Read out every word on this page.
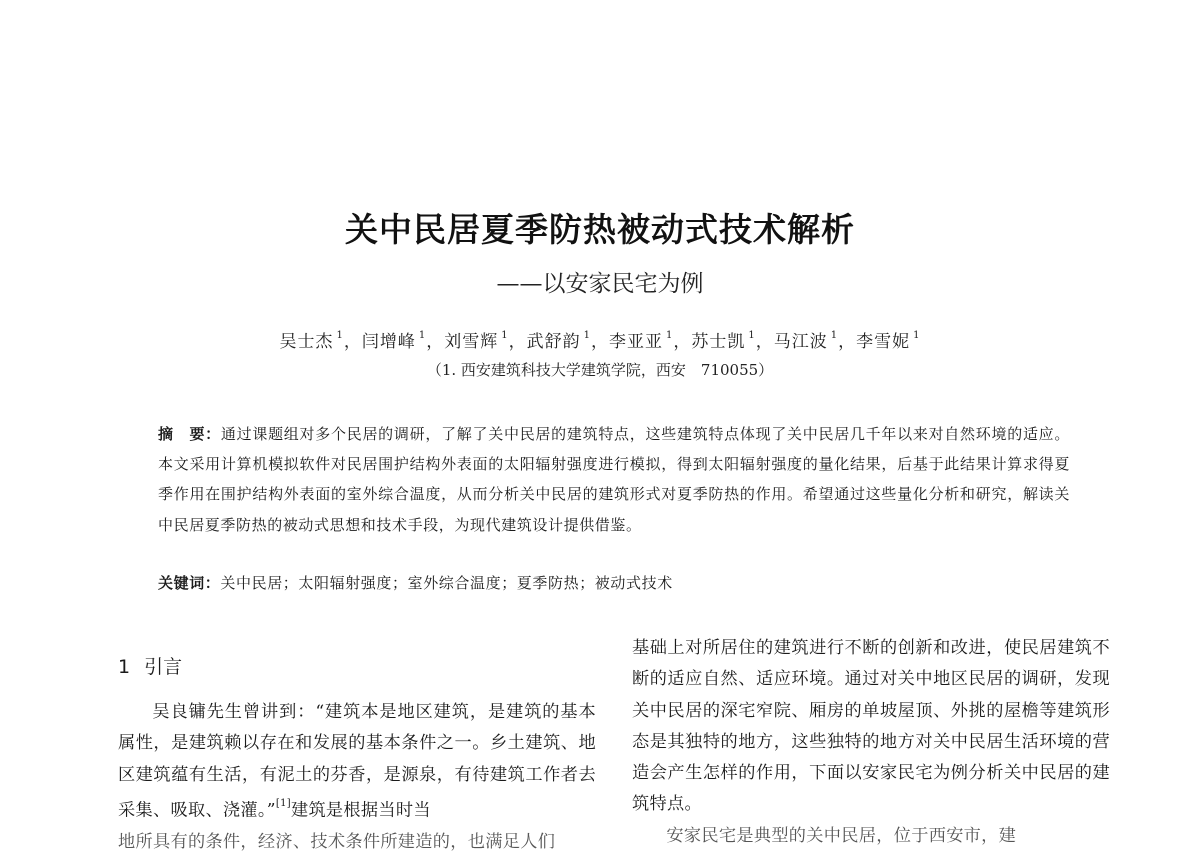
关中民居夏季防热被动式技术解析
——以安家民宅为例
吴士杰 $^1$，闫增峰 $^1$，刘雪辉 $^1$，武舒韵 $^1$，李亚亚 $^1$，苏士凯 $^1$，马江波 $^1$，李雪妮 $^1$
（1. 西安建筑科技大学建筑学院，西安　710055）
摘　要：通过课题组对多个民居的调研，了解了关中民居的建筑特点，这些建筑特点体现了关中民居几千年以来对自然环境的适应。本文采用计算机模拟软件对民居围护结构外表面的太阳辐射强度进行模拟，得到太阳辐射强度的量化结果，后基于此结果计算求得夏季作用在围护结构外表面的室外综合温度，从而分析关中民居的建筑形式对夏季防热的作用。希望通过这些量化分析和研究，解读关中民居夏季防热的被动式思想和技术手段，为现代建筑设计提供借鉴。
关键词：关中民居；太阳辐射强度；室外综合温度；夏季防热；被动式技术
1 引言

吴良镛先生曾讲到：“建筑本是地区建筑，是建筑的基本属性，是建筑赖以存在和发展的基本条件之一。乡土建筑、地区建筑蕴有生活，有泥土的芬香，是源泉，有待建筑工作者去采集、吸取、浇灌。”[1]建筑是根据当时当

地所具有的条件，经济、技术条件所建造的，也满足人们

基础上对所居住的建筑进行不断的创新和改进，使民居建筑不断的适应自然、适应环境。通过对关中地区民居的调研，发现关中民居的深宅窄院、厢房的单坡屋顶、外挑的屋檐等建筑形态是其独特的地方，这些独特的地方对关中民居生活环境的营造会产生怎样的作用，下面以安家民宅为例分析关中民居的建筑特点。

安家民宅是典型的关中民居，位于西安市，建
